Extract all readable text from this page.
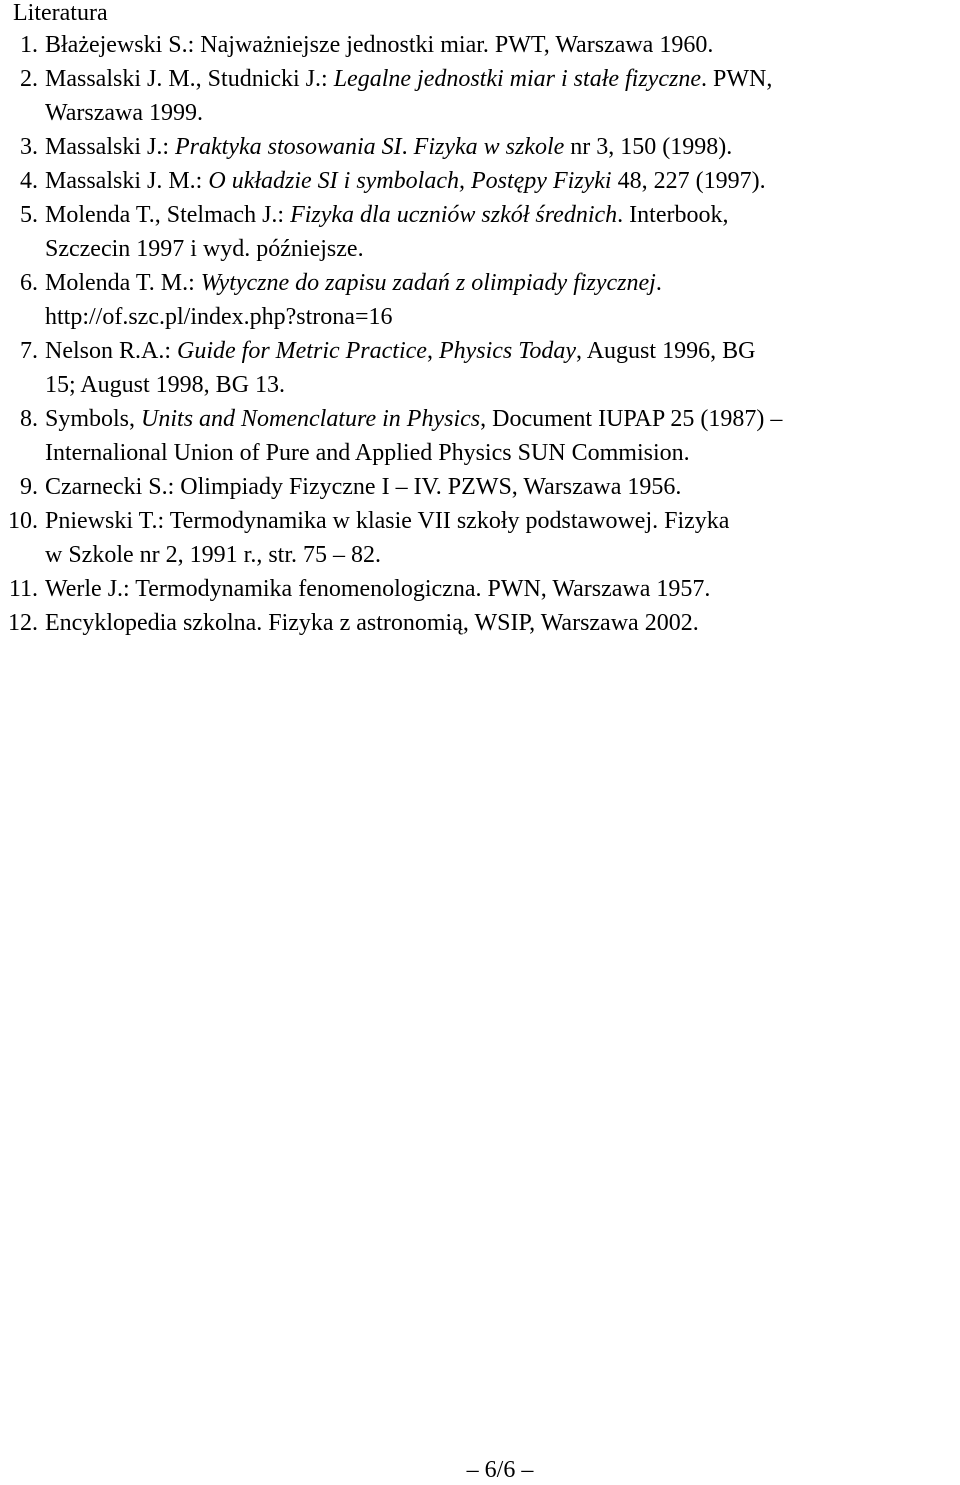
Literatura
1. Błażejewski S.: Najważniejsze jednostki miar. PWT, Warszawa 1960.
2. Massalski J. M., Studnicki J.: Legalne jednostki miar i stałe fizyczne. PWN,
Warszawa 1999.
3. Massalski J.: Praktyka stosowania SI. Fizyka w szkole nr 3, 150 (1998).
4. Massalski J. M.: O układzie SI i symbolach, Postępy Fizyki 48, 227 (1997).
5. Molenda T., Stelmach J.: Fizyka dla uczniów szkół średnich. Interbook,
Szczecin 1997 i wyd. późniejsze.
6. Molenda T. M.: Wytyczne do zapisu zadań z olimpiady fizycznej.
http://of.szc.pl/index.php?strona=16
7. Nelson R.A.: Guide for Metric Practice, Physics Today, August 1996, BG
15; August 1998, BG 13.
8. Symbols, Units and Nomenclature in Physics, Document IUPAP 25 (1987) –
Internalional Union of Pure and Applied Physics SUN Commision.
9. Czarnecki S.: Olimpiady Fizyczne I – IV. PZWS, Warszawa 1956.
10. Pniewski T.: Termodynamika w klasie VII szkoły podstawowej. Fizyka
w Szkole nr 2, 1991 r., str. 75 – 82.
11. Werle J.: Termodynamika fenomenologiczna. PWN, Warszawa 1957.
12. Encyklopedia szkolna. Fizyka z astronomią, WSIP, Warszawa 2002.
– 6/6 –
